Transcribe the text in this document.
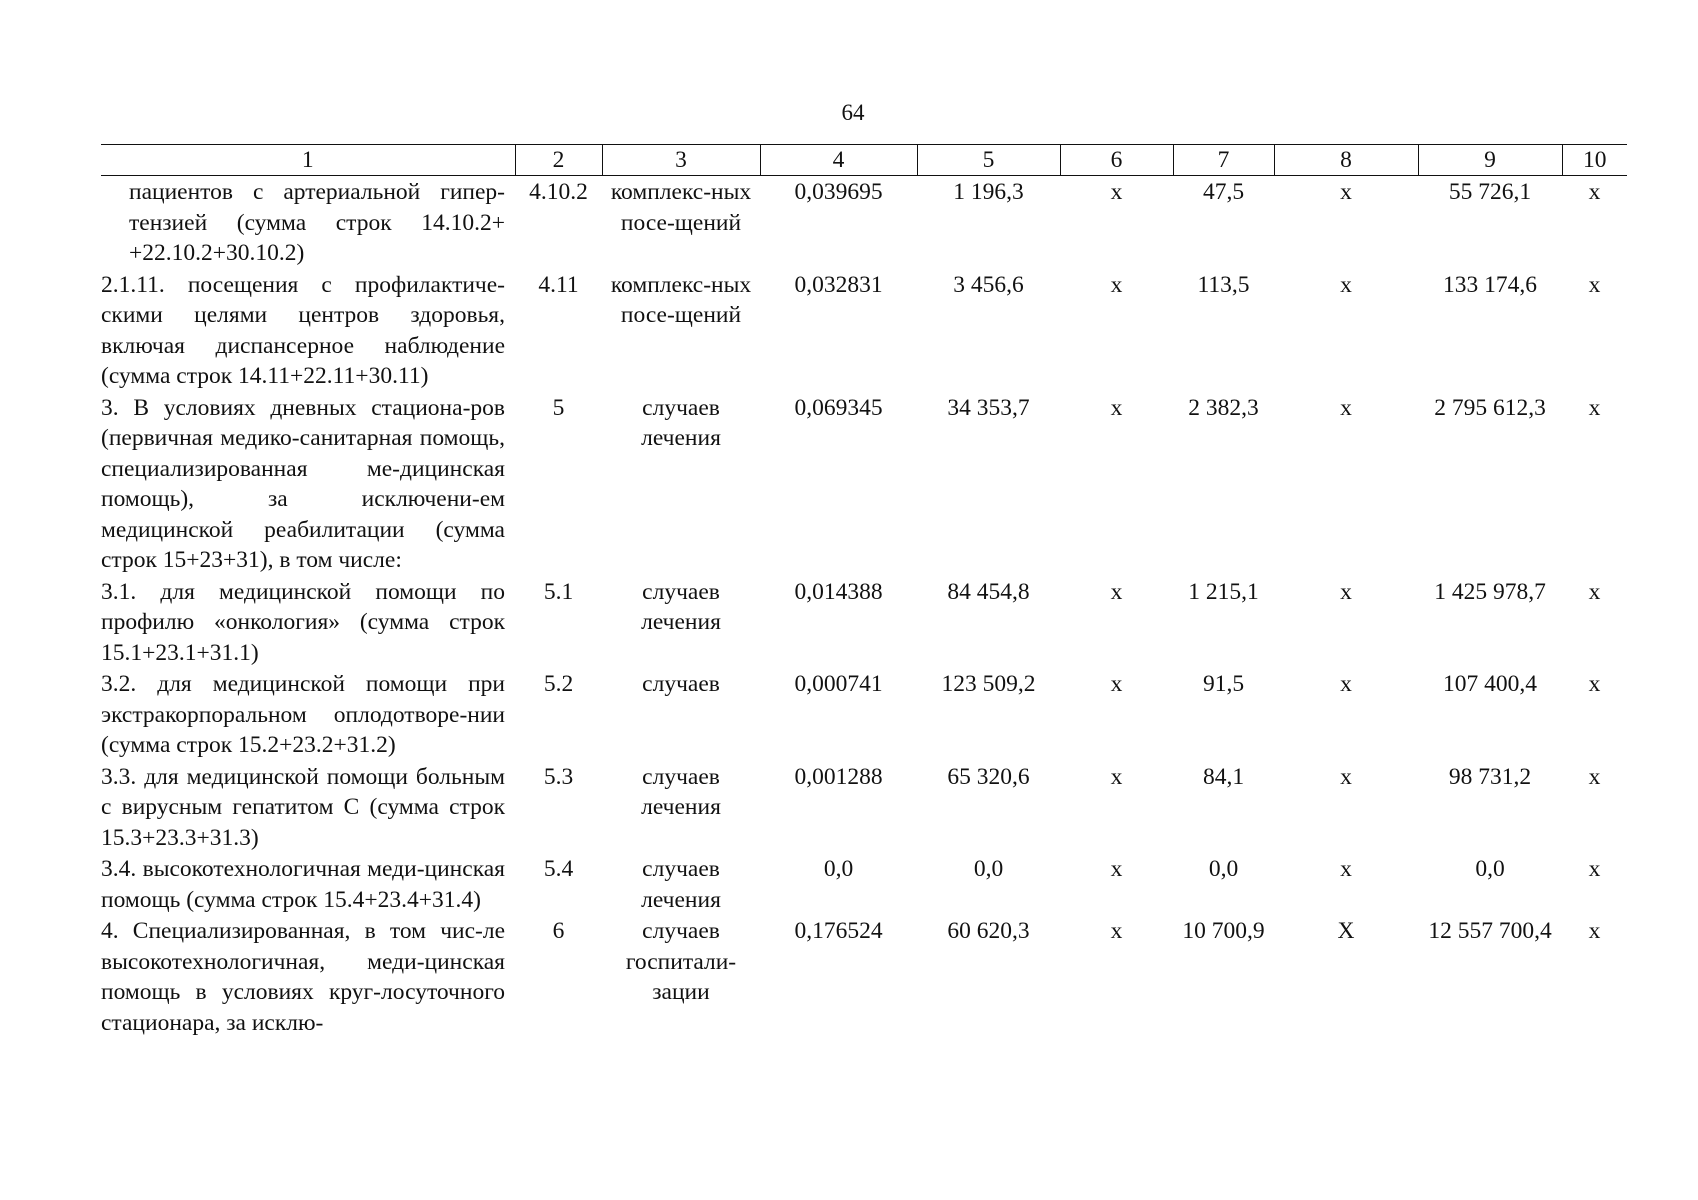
64
1	2	3	4	5	6	7	8	9	10
пациентов с артериальной гипер-тензией (сумма строк 14.10.2+ +22.10.2+30.10.2)	4.10.2	комплекс-ных посе-щений	0,039695	1 196,3	х	47,5	х	55 726,1	х
2.1.11. посещения с профилактиче-скими целями центров здоровья, включая диспансерное наблюдение (сумма строк 14.11+22.11+30.11)	4.11	комплекс-ных посе-щений	0,032831	3 456,6	х	113,5	х	133 174,6	х
3. В условиях дневных стациона-ров (первичная медико-санитарная помощь, специализированная ме-дицинская помощь), за исключени-ем медицинской реабилитации (сумма строк 15+23+31), в том числе:	5	случаев лечения	0,069345	34 353,7	х	2 382,3	х	2 795 612,3	х
3.1. для медицинской помощи по профилю «онкология» (сумма строк 15.1+23.1+31.1)	5.1	случаев лечения	0,014388	84 454,8	х	1 215,1	х	1 425 978,7	х
3.2. для медицинской помощи при экстракорпоральном оплодотворе-нии (сумма строк 15.2+23.2+31.2)	5.2	случаев	0,000741	123 509,2	х	91,5	х	107 400,4	х
3.3. для медицинской помощи больным с вирусным гепатитом С (сумма строк 15.3+23.3+31.3)	5.3	случаев лечения	0,001288	65 320,6	х	84,1	х	98 731,2	х
3.4. высокотехнологичная меди-цинская помощь (сумма строк 15.4+23.4+31.4)	5.4	случаев лечения	0,0	0,0	х	0,0	х	0,0	х
4. Специализированная, в том чис-ле высокотехнологичная, меди-цинская помощь в условиях круг-лосуточного стационара, за исклю-	6	случаев госпитали-зации	0,176524	60 620,3	х	10 700,9	Х	12 557 700,4	х
